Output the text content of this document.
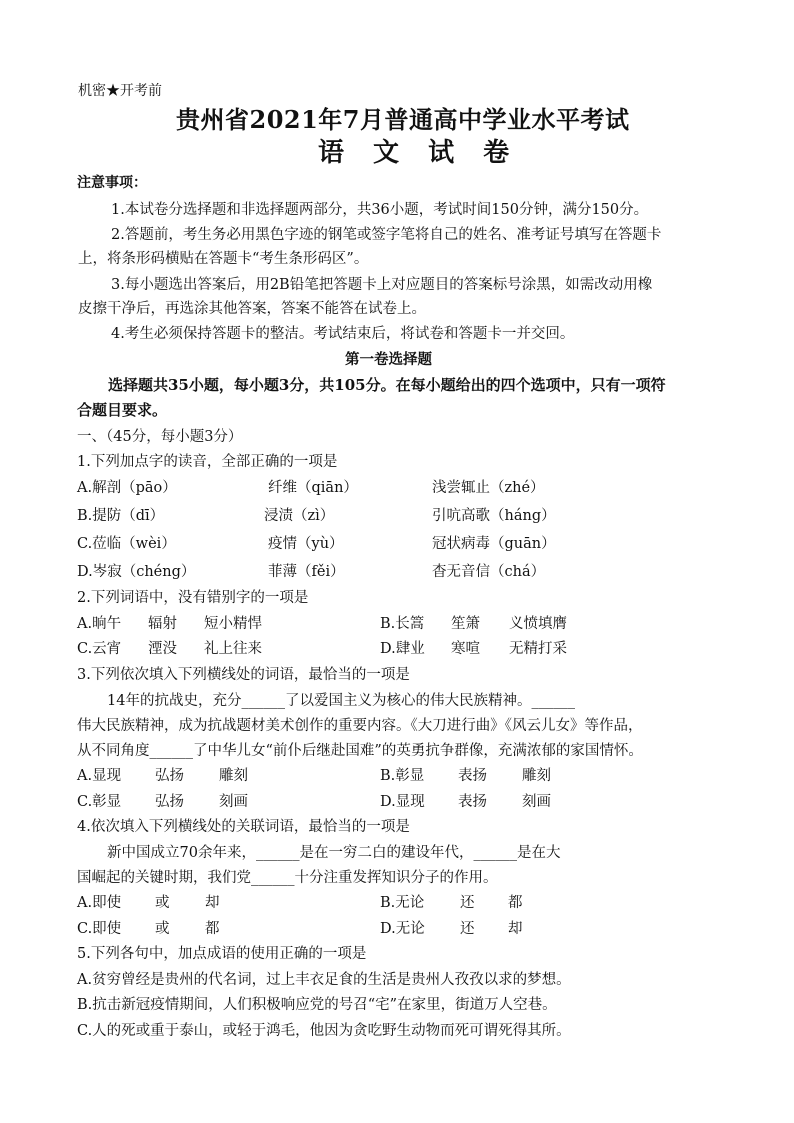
机密★开考前
贵州省2021年7月普通高中学业水平考试
语 文 试 卷
注意事项：
1.本试卷分选择题和非选择题两部分，共36小题，考试时间150分钟，满分150分。
2.答题前，考生务必用黑色字迹的钢笔或签字笔将自己的姓名、准考证号填写在答题卡
上，将条形码横贴在答题卡“考生条形码区”。
3.每小题选出答案后，用2B铅笔把答题卡上对应题目的答案标号涂黑，如需改动用橡
皮擦干净后，再选涂其他答案，答案不能答在试卷上。
4.考生必须保持答题卡的整洁。考试结束后，将试卷和答题卡一并交回。
第一卷选择题
选择题共35小题，每小题3分，共105分。在每小题给出的四个选项中，只有一项符
合题目要求。
一、（45分，每小题3分）
1.下列加点字的读音，全部正确的一项是
A.解剖（pāo）	纤维（qiān）	浅尝辄止（zhé）
B.提防（dī）	浸渍（zì）	引吭高歌（háng）
C.莅临（wèi）	疫情（yù）	冠状病毒（guān）
D.岑寂（chéng）	菲薄（fěi）	杳无音信（chá）
2.下列词语中，没有错别字的一项是
A.晌午 辐射 短小精悍	B.长篙 笙箫 义愤填膺
C.云宵 湮没 礼上往来	D.肆业 寒喧 无精打采
3.下列依次填入下列横线处的词语，最恰当的一项是
14年的抗战史，充分______了以爱国主义为核心的伟大民族精神。______
伟大民族精神，成为抗战题材美术创作的重要内容。《大刀进行曲》《风云儿女》等作品，
从不同角度______了中华儿女“前仆后继赴国难”的英勇抗争群像，充满浓郁的家国情怀。
A.显现 弘扬 雕刻	B.彰显 表扬 雕刻
C.彰显 弘扬 刻画	D.显现 表扬 刻画
4.依次填入下列横线处的关联词语，最恰当的一项是
新中国成立70余年来，______是在一穷二白的建设年代，______是在大
国崛起的关键时期，我们党______十分注重发挥知识分子的作用。
A.即使 或 却	B.无论 还 都
C.即使 或 都	D.无论 还 却
5.下列各句中，加点成语的使用正确的一项是
A.贫穷曾经是贵州的代名词，过上丰衣足食的生活是贵州人孜孜以求的梦想。
B.抗击新冠疫情期间，人们积极响应党的号召“宅”在家里，街道万人空巷。
C.人的死或重于泰山，或轻于鸿毛，他因为贪吃野生动物而死可谓死得其所。
